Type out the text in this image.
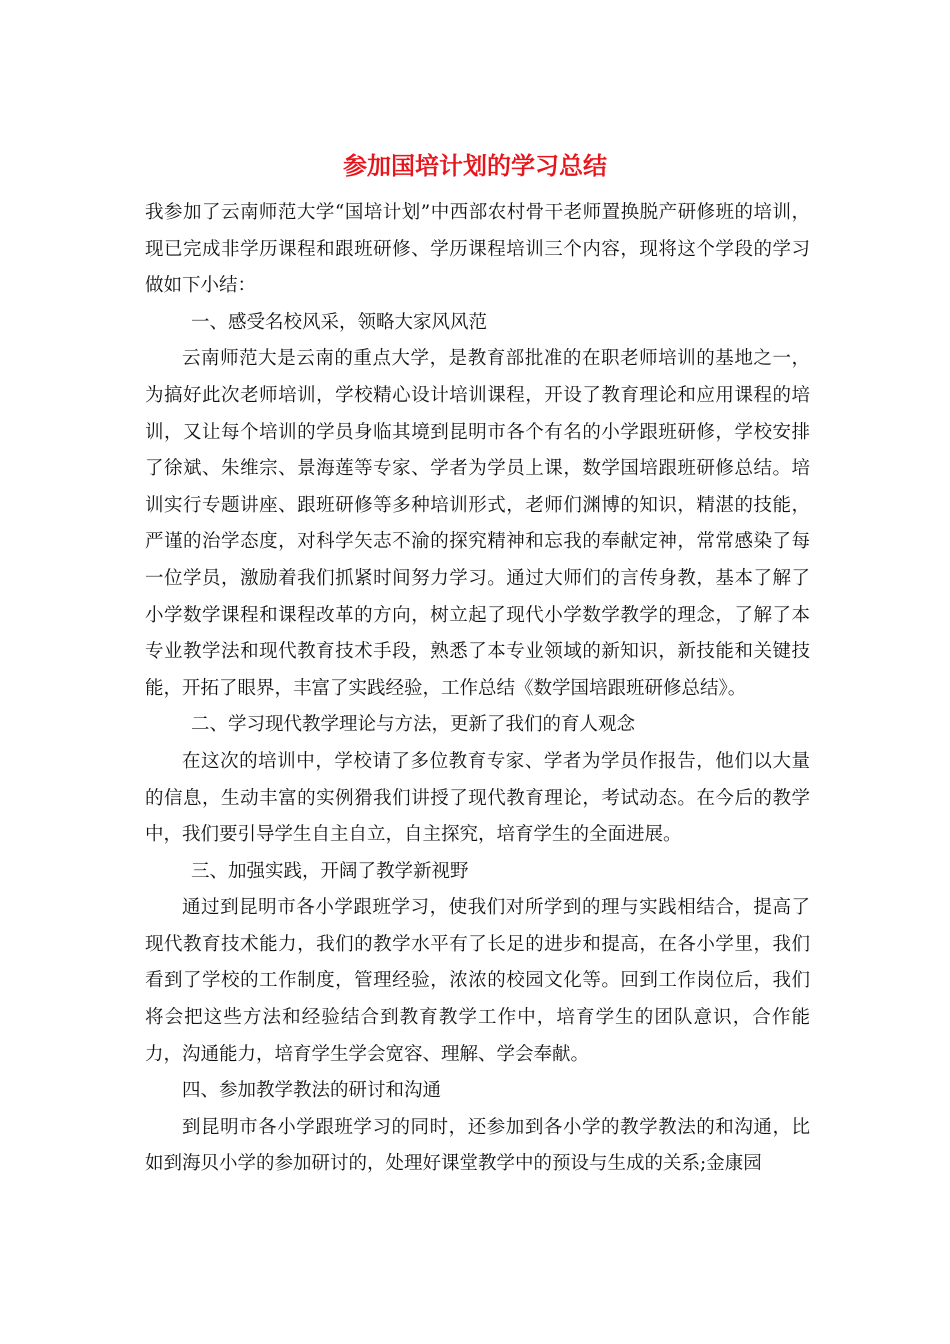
参加国培计划的学习总结

我参加了云南师范大学“国培计划”中西部农村骨干老师置换脱产研修班的培训，现已完成非学历课程和跟班研修、学历课程培训三个内容，现将这个学段的学习做如下小结：

一、感受名校风采，领略大家风风范

云南师范大是云南的重点大学，是教育部批准的在职老师培训的基地之一，为搞好此次老师培训，学校精心设计培训课程，开设了教育理论和应用课程的培训，又让每个培训的学员身临其境到昆明市各个有名的小学跟班研修，学校安排了徐斌、朱维宗、景海莲等专家、学者为学员上课，数学国培跟班研修总结。培训实行专题讲座、跟班研修等多种培训形式，老师们渊博的知识，精湛的技能，严谨的治学态度，对科学矢志不渝的探究精神和忘我的奉献定神，常常感染了每一位学员，激励着我们抓紧时间努力学习。通过大师们的言传身教，基本了解了小学数学课程和课程改革的方向，树立起了现代小学数学教学的理念，了解了本专业教学法和现代教育技术手段，熟悉了本专业领域的新知识，新技能和关键技能，开拓了眼界，丰富了实践经验，工作总结《数学国培跟班研修总结》。

二、学习现代教学理论与方法，更新了我们的育人观念

在这次的培训中，学校请了多位教育专家、学者为学员作报告，他们以大量的信息，生动丰富的实例猾我们讲授了现代教育理论，考试动态。在今后的教学中，我们要引导学生自主自立，自主探究，培育学生的全面进展。

三、加强实践，开阔了教学新视野

通过到昆明市各小学跟班学习，使我们对所学到的理与实践相结合，提高了现代教育技术能力，我们的教学水平有了长足的进步和提高，在各小学里，我们看到了学校的工作制度，管理经验，浓浓的校园文化等。回到工作岗位后，我们将会把这些方法和经验结合到教育教学工作中，培育学生的团队意识，合作能力，沟通能力，培育学生学会宽容、理解、学会奉献。

四、参加教学教法的研讨和沟通

到昆明市各小学跟班学习的同时，还参加到各小学的教学教法的和沟通，比如到海贝小学的参加研讨的，处理好课堂教学中的预设与生成的关系;金康园
